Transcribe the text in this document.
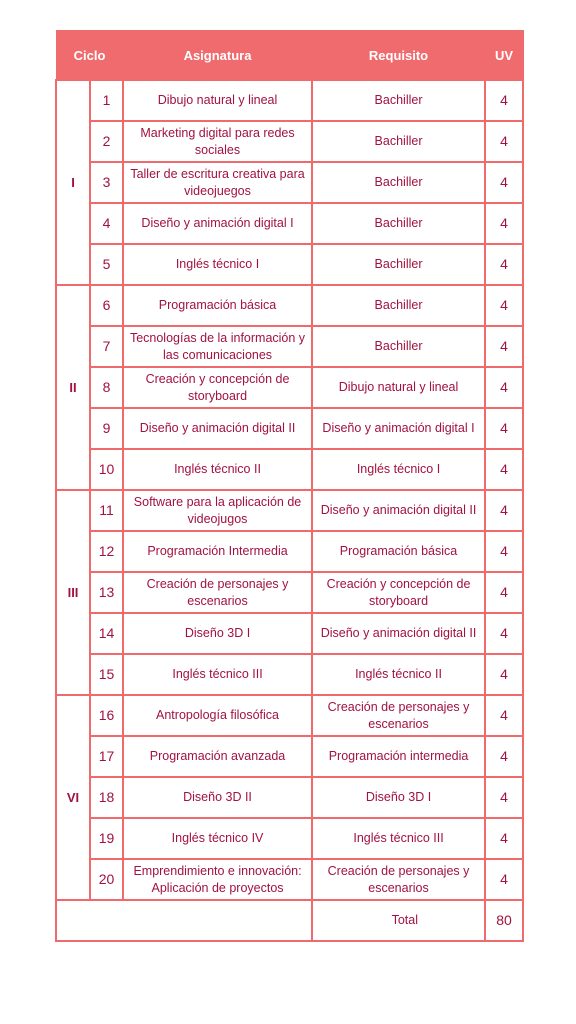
Ciclo		Asignatura	Requisito	UV
I	1	Dibujo natural y lineal	Bachiller	4
	2	Marketing digital para redes sociales	Bachiller	4
	3	Taller de escritura creativa para videojuegos	Bachiller	4
	4	Diseño y animación digital I	Bachiller	4
	5	Inglés técnico I	Bachiller	4
II	6	Programación básica	Bachiller	4
	7	Tecnologías de la información y las comunicaciones	Bachiller	4
	8	Creación y concepción de storyboard	Dibujo natural y lineal	4
	9	Diseño y animación digital II	Diseño y animación digital I	4
	10	Inglés técnico II	Inglés técnico I	4
III	11	Software para la aplicación de videojugos	Diseño y animación digital II	4
	12	Programación Intermedia	Programación básica	4
	13	Creación de personajes y escenarios	Creación y concepción de storyboard	4
	14	Diseño 3D I	Diseño y animación digital II	4
	15	Inglés técnico III	Inglés técnico II	4
VI	16	Antropología filosófica	Creación de personajes y escenarios	4
	17	Programación avanzada	Programación intermedia	4
	18	Diseño 3D II	Diseño 3D I	4
	19	Inglés técnico IV	Inglés técnico III	4
	20	Emprendimiento e innovación: Aplicación de proyectos	Creación de personajes y escenarios	4
			Total	80
